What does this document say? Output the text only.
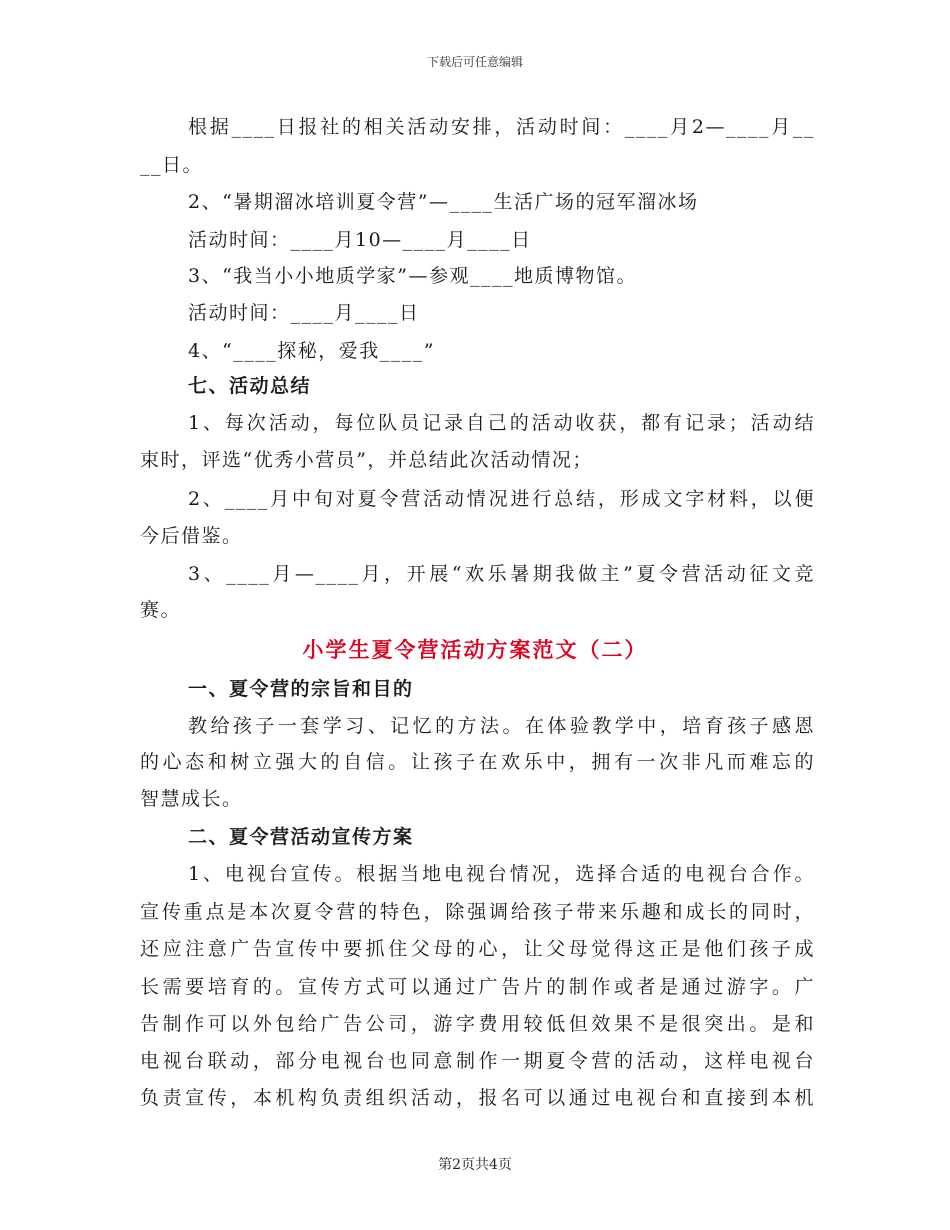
下载后可任意编辑
根据____日报社的相关活动安排，活动时间：____月2—____月__
__日。
2、“暑期溜冰培训夏令营”—____生活广场的冠军溜冰场
活动时间：____月10—____月____日
3、“我当小小地质学家”—参观____地质博物馆。
活动时间：____月____日
4、“____探秘，爱我____”
七、活动总结
1、每次活动，每位队员记录自己的活动收获，都有记录；活动结
束时，评选“优秀小营员”，并总结此次活动情况；
2、____月中旬对夏令营活动情况进行总结，形成文字材料，以便
今后借鉴。
3、____月—____月，开展“欢乐暑期我做主”夏令营活动征文竞
赛。
小学生夏令营活动方案范文（二）
一、夏令营的宗旨和目的
教给孩子一套学习、记忆的方法。在体验教学中，培育孩子感恩
的心态和树立强大的自信。让孩子在欢乐中，拥有一次非凡而难忘的
智慧成长。
二、夏令营活动宣传方案
1、电视台宣传。根据当地电视台情况，选择合适的电视台合作。
宣传重点是本次夏令营的特色，除强调给孩子带来乐趣和成长的同时，
还应注意广告宣传中要抓住父母的心，让父母觉得这正是他们孩子成
长需要培育的。宣传方式可以通过广告片的制作或者是通过游字。广
告制作可以外包给广告公司，游字费用较低但效果不是很突出。是和
电视台联动，部分电视台也同意制作一期夏令营的活动，这样电视台
负责宣传，本机构负责组织活动，报名可以通过电视台和直接到本机
第2页共4页
